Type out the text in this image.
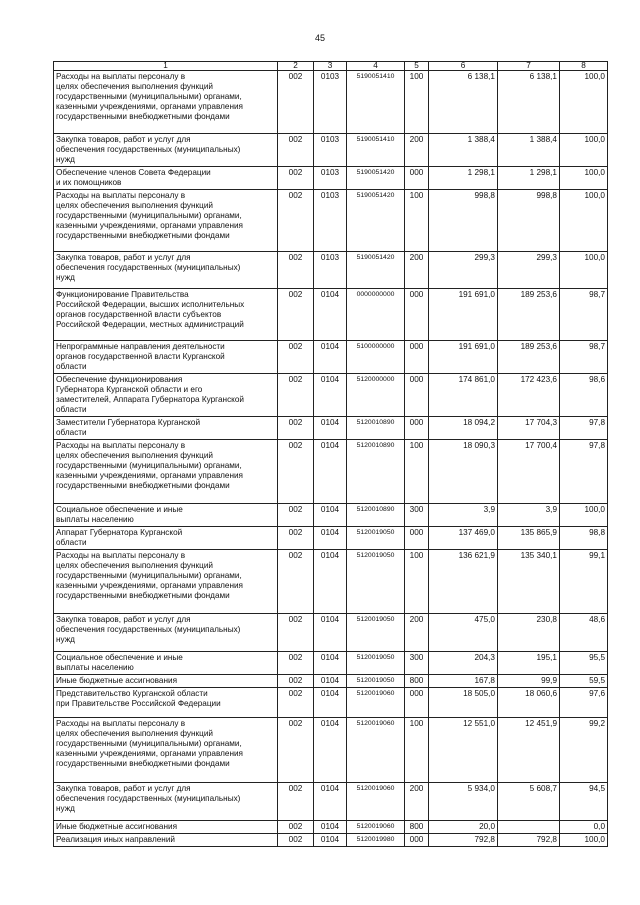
45
1	2	3	4	5	6	7	8
Расходы на выплаты персоналу в
целях обеспечения выполнения функций
государственными (муниципальными) органами,
казенными учреждениями, органами управления
государственными внебюджетными фондами	002	0103	5190051410	100	6 138,1	6 138,1	100,0
Закупка товаров, работ и услуг для
обеспечения государственных (муниципальных)
нужд	002	0103	5190051410	200	1 388,4	1 388,4	100,0
Обеспечение членов Совета Федерации
и их помощников	002	0103	5190051420	000	1 298,1	1 298,1	100,0
Расходы на выплаты персоналу в
целях обеспечения выполнения функций
государственными (муниципальными) органами,
казенными учреждениями, органами управления
государственными внебюджетными фондами	002	0103	5190051420	100	998,8	998,8	100,0
Закупка товаров, работ и услуг для
обеспечения государственных (муниципальных)
нужд	002	0103	5190051420	200	299,3	299,3	100,0
Функционирование Правительства
Российской Федерации, высших исполнительных
органов государственной власти субъектов
Российской Федерации, местных администраций	002	0104	0000000000	000	191 691,0	189 253,6	98,7
Непрограммные направления деятельности
органов государственной власти Курганской
области	002	0104	5100000000	000	191 691,0	189 253,6	98,7
Обеспечение функционирования
Губернатора Курганской области и его
заместителей, Аппарата Губернатора Курганской
области	002	0104	5120000000	000	174 861,0	172 423,6	98,6
Заместители Губернатора Курганской
области	002	0104	5120010890	000	18 094,2	17 704,3	97,8
Расходы на выплаты персоналу в
целях обеспечения выполнения функций
государственными (муниципальными) органами,
казенными учреждениями, органами управления
государственными внебюджетными фондами	002	0104	5120010890	100	18 090,3	17 700,4	97,8
Социальное обеспечение и иные
выплаты населению	002	0104	5120010890	300	3,9	3,9	100,0
Аппарат Губернатора Курганской
области	002	0104	5120019050	000	137 469,0	135 865,9	98,8
Расходы на выплаты персоналу в
целях обеспечения выполнения функций
государственными (муниципальными) органами,
казенными учреждениями, органами управления
государственными внебюджетными фондами	002	0104	5120019050	100	136 621,9	135 340,1	99,1
Закупка товаров, работ и услуг для
обеспечения государственных (муниципальных)
нужд	002	0104	5120019050	200	475,0	230,8	48,6
Социальное обеспечение и иные
выплаты населению	002	0104	5120019050	300	204,3	195,1	95,5
Иные бюджетные ассигнования	002	0104	5120019050	800	167,8	99,9	59,5
Представительство Курганской области
при Правительстве Российской Федерации	002	0104	5120019060	000	18 505,0	18 060,6	97,6
Расходы на выплаты персоналу в
целях обеспечения выполнения функций
государственными (муниципальными) органами,
казенными учреждениями, органами управления
государственными внебюджетными фондами	002	0104	5120019060	100	12 551,0	12 451,9	99,2
Закупка товаров, работ и услуг для
обеспечения государственных (муниципальных)
нужд	002	0104	5120019060	200	5 934,0	5 608,7	94,5
Иные бюджетные ассигнования	002	0104	5120019060	800	20,0		0,0
Реализация иных направлений	002	0104	5120019980	000	792,8	792,8	100,0
